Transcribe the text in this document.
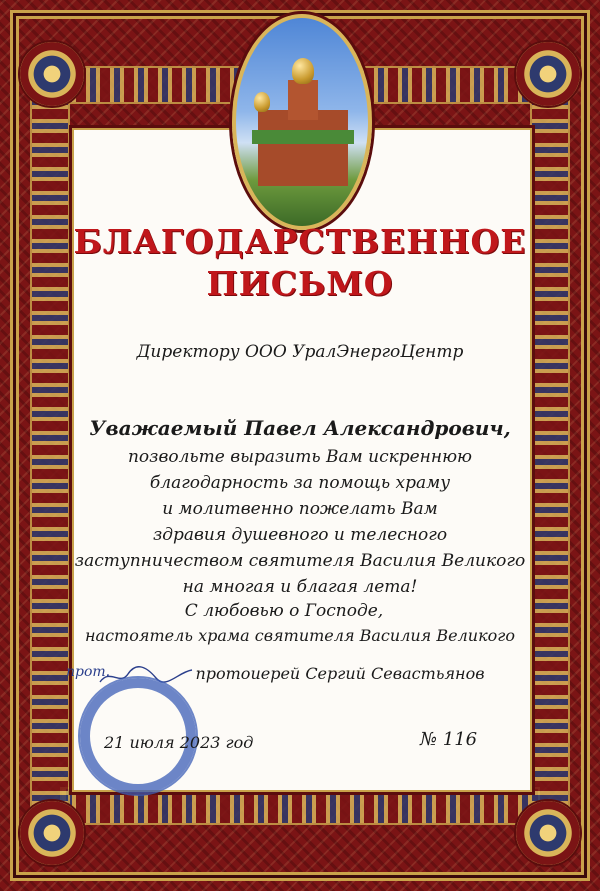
БЛАГОДАРСТВЕННОЕ
ПИСЬМО
Директору ООО УралЭнергоЦентр
Уважаемый Павел Александрович,
позвольте выразить Вам искреннюю
благодарность за помощь храму
и молитвенно пожелать Вам
здравия душевного и телесного
заступничеством святителя Василия Великого
на многая и благая лета!
С любовью о Господе,
настоятель храма святителя Василия Великого
прот.	протоиерей Сергий Севастьянов
21 июля 2023 год	№ 116
